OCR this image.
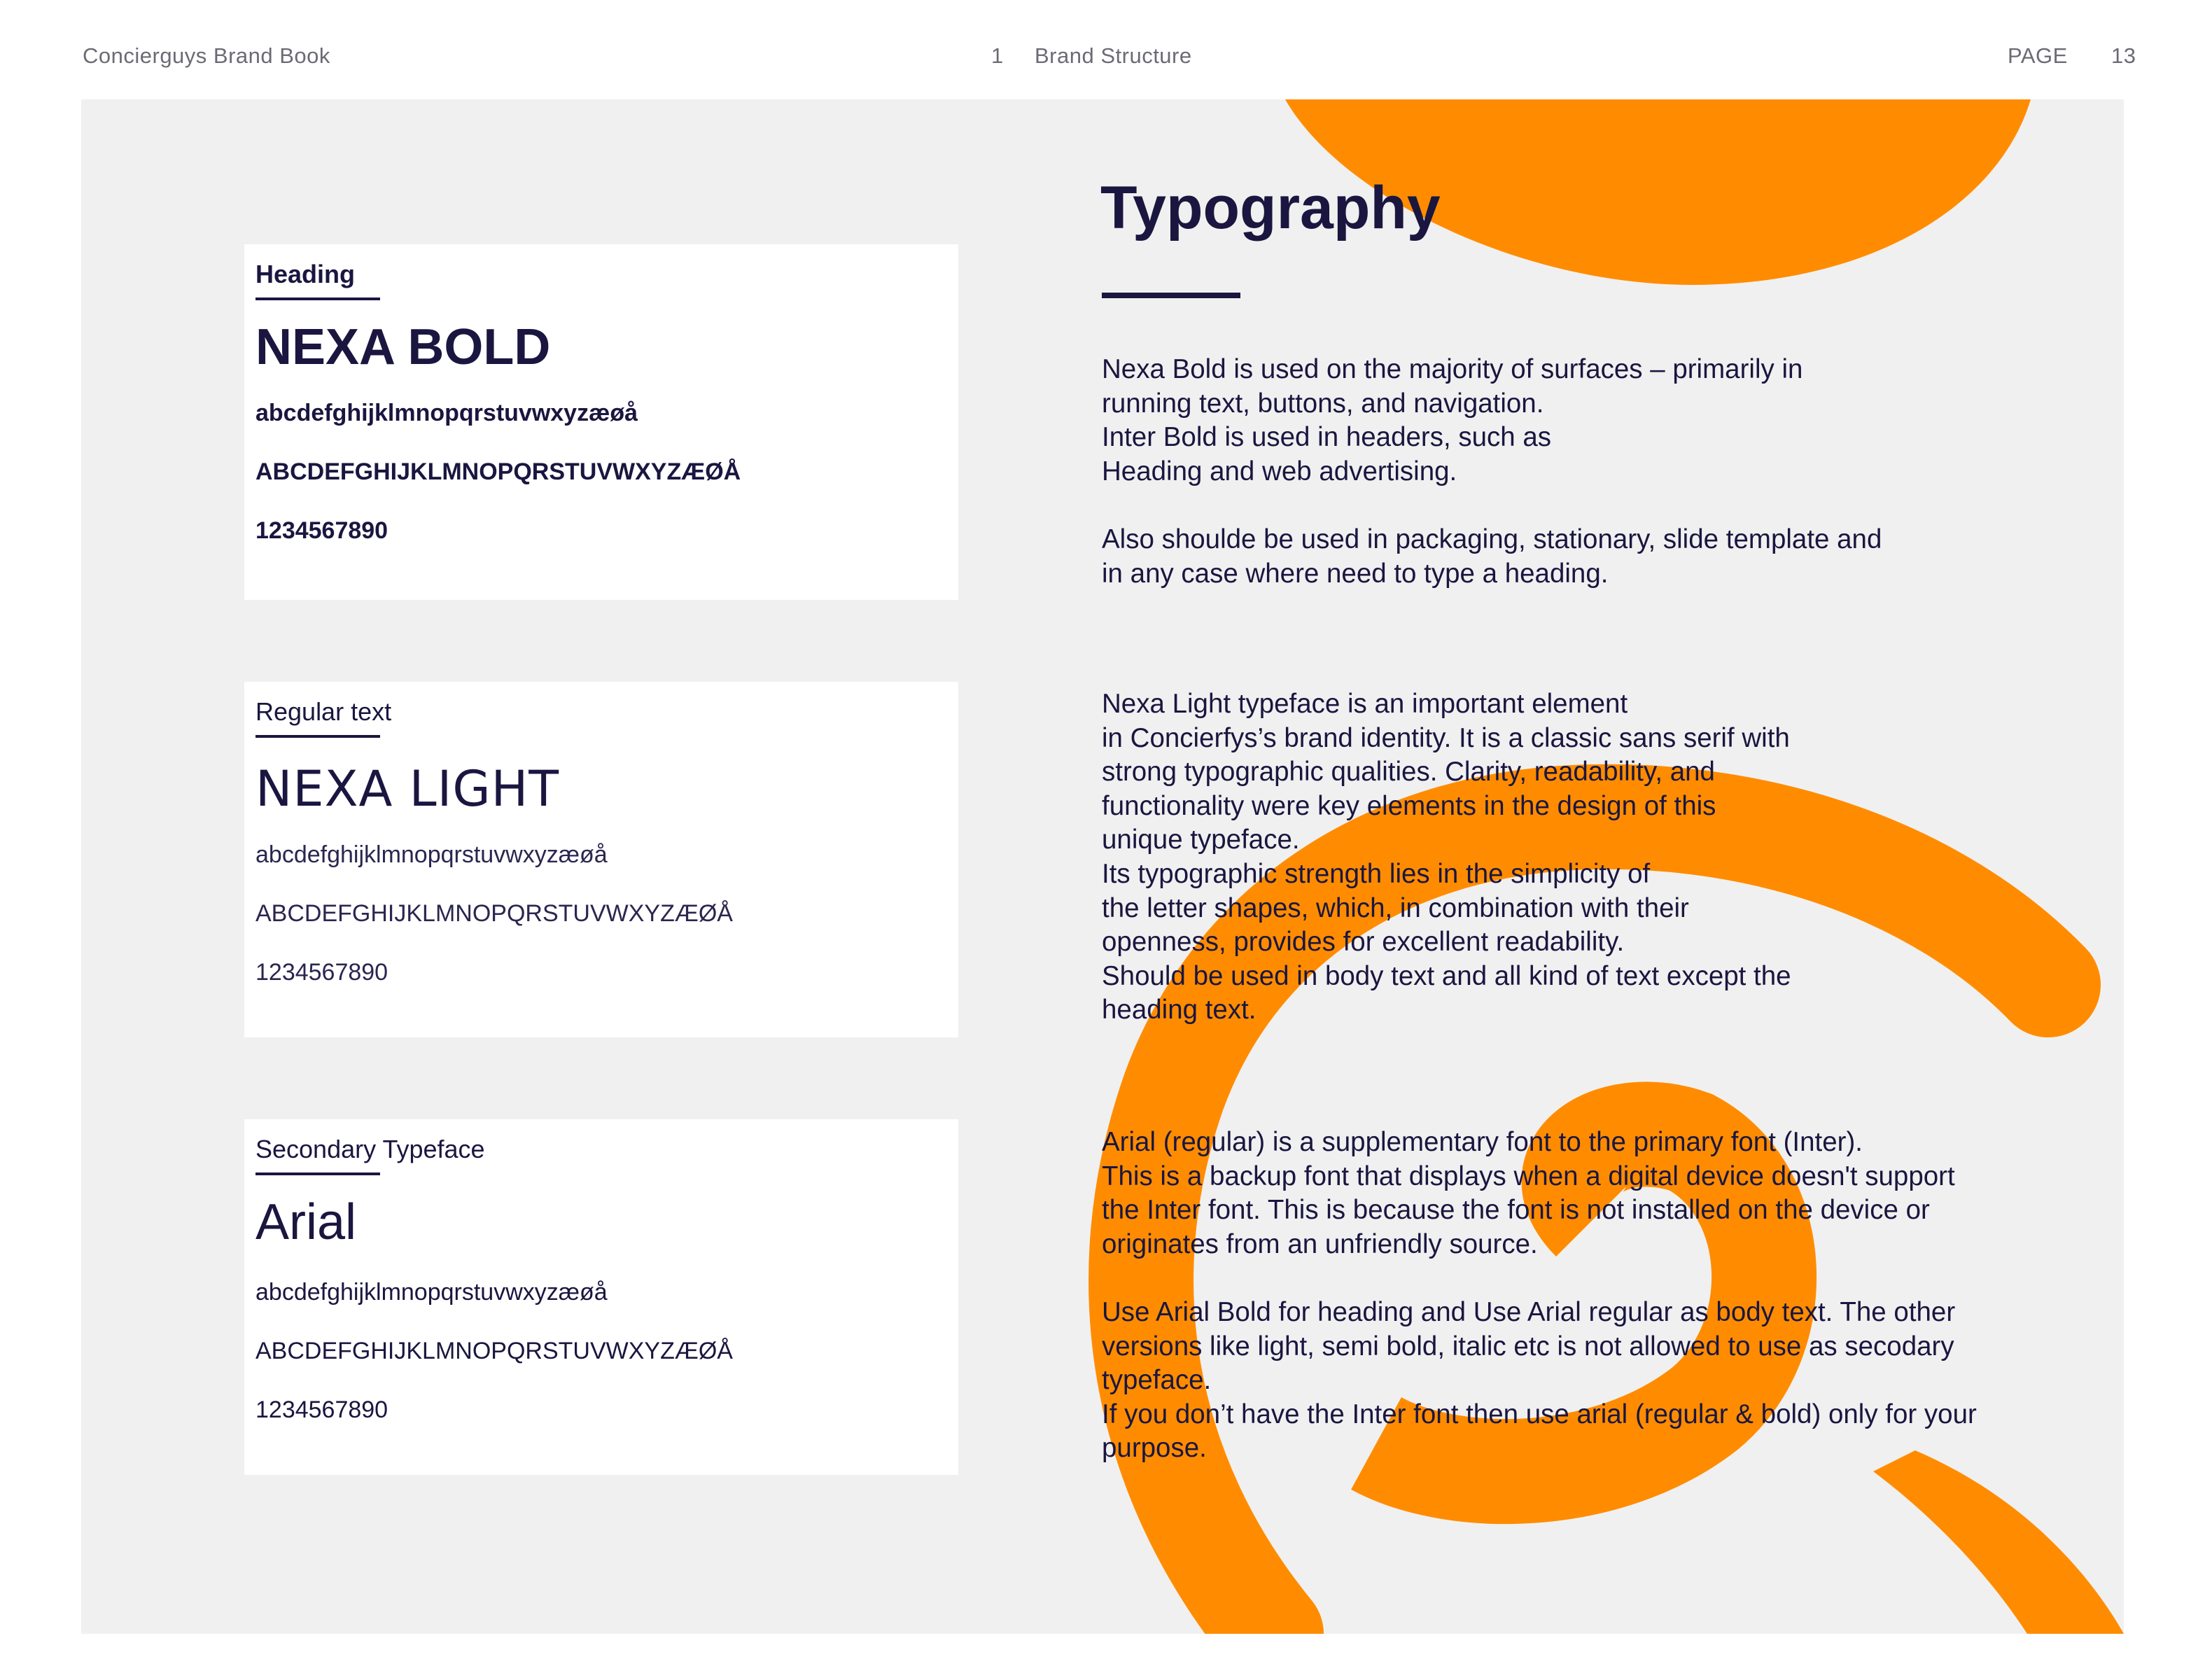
Concierguys Brand Book	1 Brand Structure	PAGE 13
Heading
NEXA BOLD
abcdefghijklmnopqrstuvwxyzæøå
ABCDEFGHIJKLMNOPQRSTUVWXYZÆØÅ
1234567890
Regular text
NEXA LIGHT
abcdefghijklmnopqrstuvwxyzæøå
ABCDEFGHIJKLMNOPQRSTUVWXYZÆØÅ
1234567890
Secondary Typeface
Arial
abcdefghijklmnopqrstuvwxyzæøå
ABCDEFGHIJKLMNOPQRSTUVWXYZÆØÅ
1234567890
Typography
Nexa Bold is used on the majority of surfaces – primarily in
running text, buttons, and navigation.
Inter Bold is used in headers, such as
Heading and web advertising.

Also shoulde be used in packaging, stationary, slide template and
in any case where need to type a heading.
Nexa Light typeface is an important element
in Concierfys’s brand identity. It is a classic sans serif with
strong typographic qualities. Clarity, readability, and
functionality were key elements in the design of this
unique typeface.
Its typographic strength lies in the simplicity of
the letter shapes, which, in combination with their
openness, provides for excellent readability.
Should be used in body text and all kind of text except the
heading text.
Arial (regular) is a supplementary font to the primary font (Inter).
This is a backup font that displays when a digital device doesn't support
the Inter font. This is because the font is not installed on the device or
originates from an unfriendly source.

Use Arial Bold for heading and Use Arial regular as body text. The other
versions like light, semi bold, italic etc is not allowed to use as secodary
typeface.
If you don’t have the Inter font then use arial (regular & bold) only for your
purpose.
